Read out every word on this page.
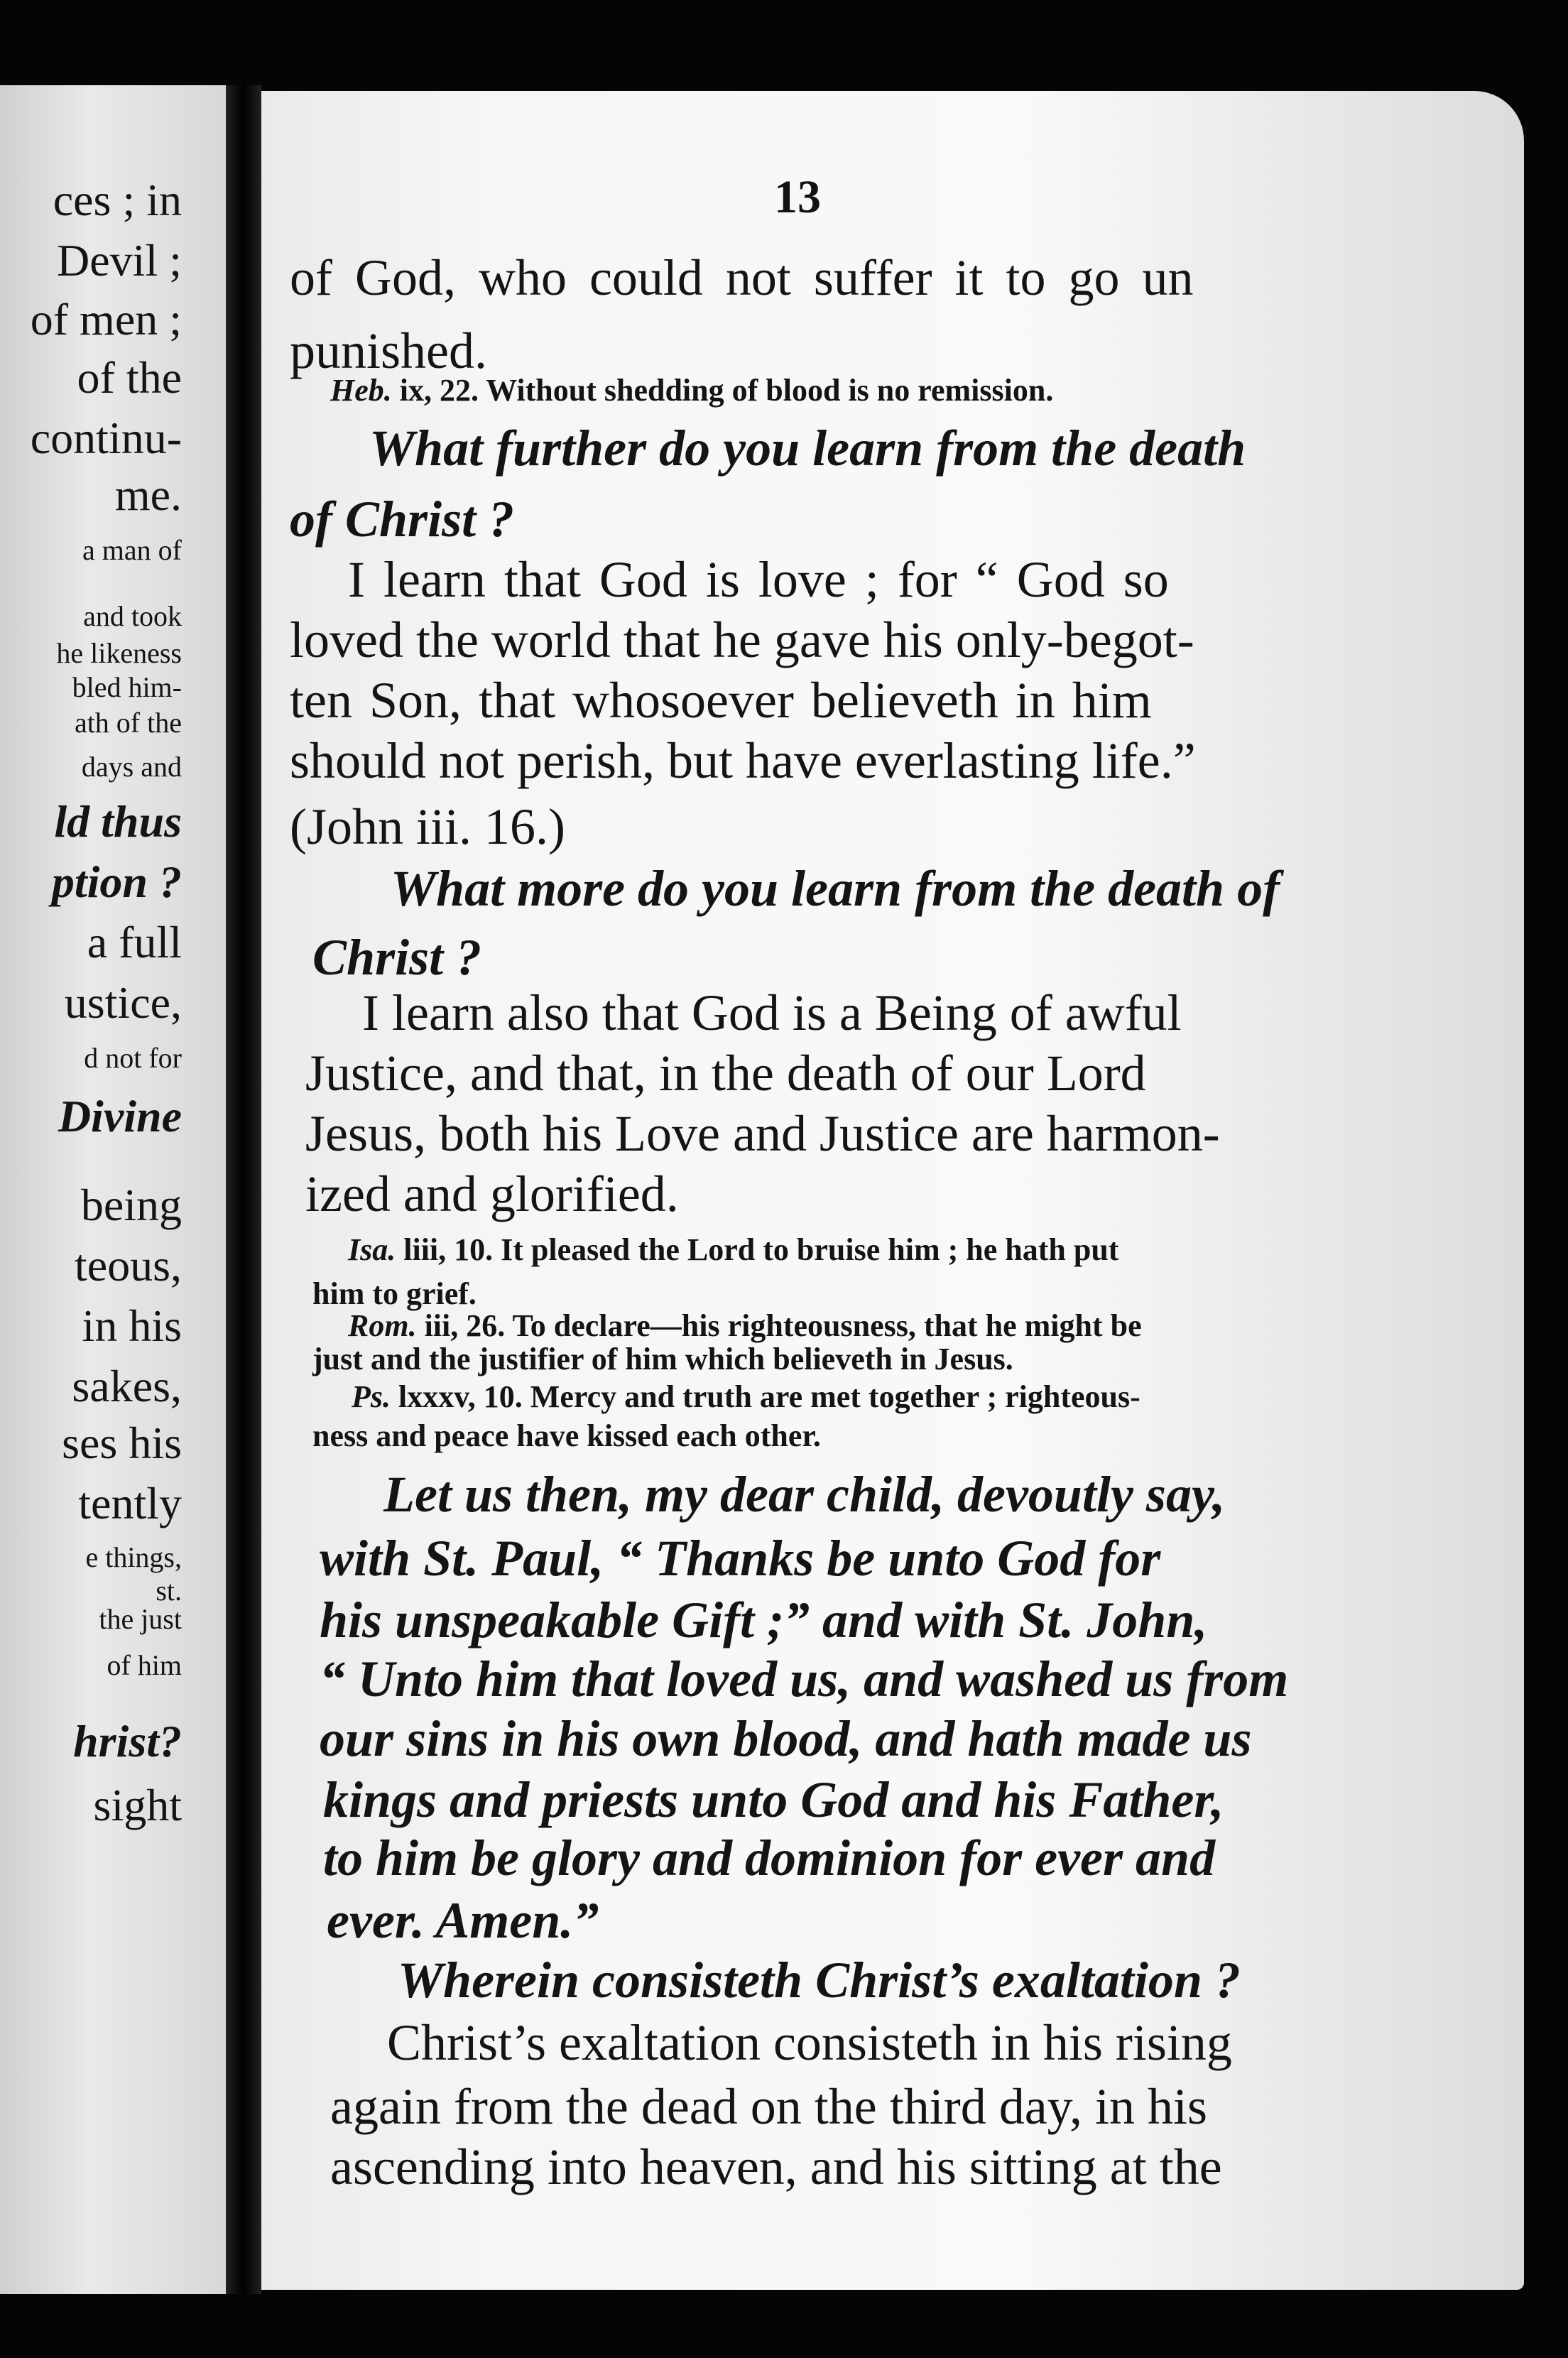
ces ; in
Devil ;
of men ;
of the
continu-
me.
a man of
and took
he likeness
bled him-
ath of the
days and
ld thus
ption ?
a full
ustice,
d not for
Divine
being
teous,
in his
sakes,
ses his
tently
e things,
st.
the just
of him
hrist?
sight
13
of God, who could not suffer it to go un
punished.
Heb. ix, 22. Without shedding of blood is no remission.
What further do you learn from the death
of Christ ?
I learn that God is love ; for “ God so
loved the world that he gave his only-begot-
ten Son, that whosoever believeth in him
should not perish, but have everlasting life.”
(John iii. 16.)
What more do you learn from the death of
Christ ?
I learn also that God is a Being of awful
Justice, and that, in the death of our Lord
Jesus, both his Love and Justice are harmon-
ized and glorified.
Isa. liii, 10. It pleased the Lord to bruise him ; he hath put
him to grief.
Rom. iii, 26. To declare—his righteousness, that he might be
just and the justifier of him which believeth in Jesus.
Ps. lxxxv, 10. Mercy and truth are met together ; righteous-
ness and peace have kissed each other.
Let us then, my dear child, devoutly say,
with St. Paul, “ Thanks be unto God for
his unspeakable Gift ;” and with St. John,
“ Unto him that loved us, and washed us from
our sins in his own blood, and hath made us
kings and priests unto God and his Father,
to him be glory and dominion for ever and
ever. Amen.”
Wherein consisteth Christ’s exaltation ?
Christ’s exaltation consisteth in his rising
again from the dead on the third day, in his
ascending into heaven, and his sitting at the
